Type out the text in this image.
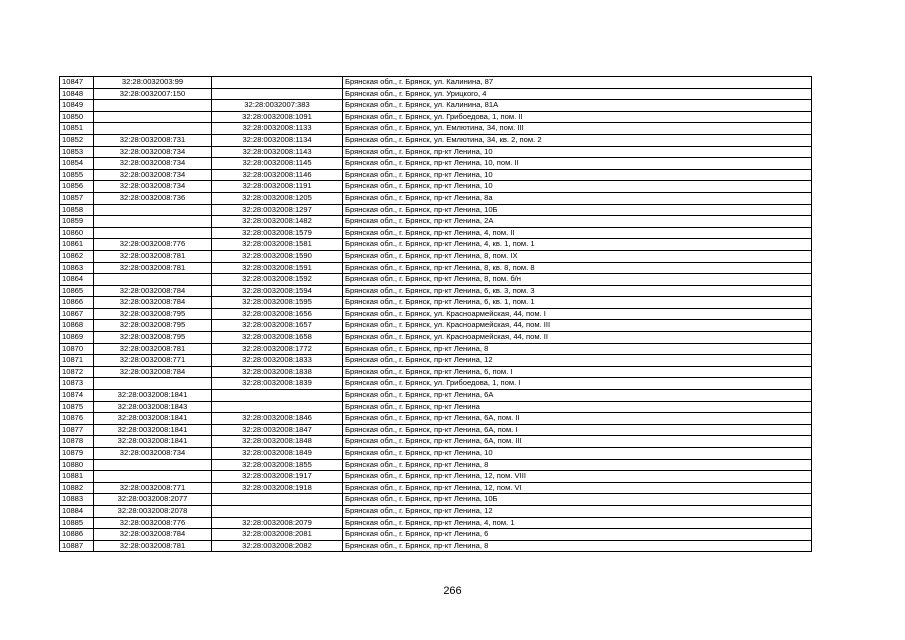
10847	32:28:0032003:99		Брянская обл., г. Брянск, ул. Калинина, 87
10848	32:28:0032007:150		Брянская обл., г. Брянск, ул. Урицкого, 4
10849		32:28:0032007:383	Брянская обл., г. Брянск, ул. Калинина, 81А
10850		32:28:0032008:1091	Брянская обл., г. Брянск, ул. Грибоедова, 1, пом. II
10851		32:28:0032008:1133	Брянская обл., г. Брянск, ул. Емлютина, 34, пом. III
10852	32:28:0032008:731	32:28:0032008:1134	Брянская обл., г. Брянск, ул. Емлютина, 34, кв. 2, пом. 2
10853	32:28:0032008:734	32:28:0032008:1143	Брянская обл., г. Брянск, пр-кт Ленина, 10
10854	32:28:0032008:734	32:28:0032008:1145	Брянская обл., г. Брянск, пр-кт Ленина, 10, пом. II
10855	32:28:0032008:734	32:28:0032008:1146	Брянская обл., г. Брянск, пр-кт Ленина, 10
10856	32:28:0032008:734	32:28:0032008:1191	Брянская обл., г. Брянск, пр-кт Ленина, 10
10857	32:28:0032008:736	32:28:0032008:1205	Брянская обл., г. Брянск, пр-кт Ленина, 8а
10858		32:28:0032008:1297	Брянская обл., г. Брянск, пр-кт Ленина, 10Б
10859		32:28:0032008:1482	Брянская обл., г. Брянск, пр-кт Ленина, 2А
10860		32:28:0032008:1579	Брянская обл., г. Брянск, пр-кт Ленина, 4, пом. II
10861	32:28:0032008:776	32:28:0032008:1581	Брянская обл., г. Брянск, пр-кт Ленина, 4, кв. 1, пом. 1
10862	32:28:0032008:781	32:28:0032008:1590	Брянская обл., г. Брянск, пр-кт Ленина, 8, пом. IX
10863	32:28:0032008:781	32:28:0032008:1591	Брянская обл., г. Брянск, пр-кт Ленина, 8, кв. 8, пом. 8
10864		32:28:0032008:1592	Брянская обл., г. Брянск, пр-кт Ленина, 8, пом. б/н
10865	32:28:0032008:784	32:28:0032008:1594	Брянская обл., г. Брянск, пр-кт Ленина, 6, кв. 3, пом. 3
10866	32:28:0032008:784	32:28:0032008:1595	Брянская обл., г. Брянск, пр-кт Ленина, 6, кв. 1, пом. 1
10867	32:28:0032008:795	32:28:0032008:1656	Брянская обл., г. Брянск, ул. Красноармейская, 44, пом. I
10868	32:28:0032008:795	32:28:0032008:1657	Брянская обл., г. Брянск, ул. Красноармейская, 44, пом. III
10869	32:28:0032008:795	32:28:0032008:1658	Брянская обл., г. Брянск, ул. Красноармейская, 44, пом. II
10870	32:28:0032008:781	32:28:0032008:1772	Брянская обл., г. Брянск, пр-кт Ленина, 8
10871	32:28:0032008:771	32:28:0032008:1833	Брянская обл., г. Брянск, пр-кт Ленина, 12
10872	32:28:0032008:784	32:28:0032008:1838	Брянская обл., г. Брянск, пр-кт Ленина, 6, пом. I
10873		32:28:0032008:1839	Брянская обл., г. Брянск, ул. Грибоедова, 1, пом. I
10874	32:28:0032008:1841		Брянская обл., г. Брянск, пр-кт Ленина, 6А
10875	32:28:0032008:1843		Брянская обл., г. Брянск, пр-кт Ленина
10876	32:28:0032008:1841	32:28:0032008:1846	Брянская обл., г. Брянск, пр-кт Ленина, 6А, пом. II
10877	32:28:0032008:1841	32:28:0032008:1847	Брянская обл., г. Брянск, пр-кт Ленина, 6А, пом. I
10878	32:28:0032008:1841	32:28:0032008:1848	Брянская обл., г. Брянск, пр-кт Ленина, 6А, пом. III
10879	32:28:0032008:734	32:28:0032008:1849	Брянская обл., г. Брянск, пр-кт Ленина, 10
10880		32:28:0032008:1855	Брянская обл., г. Брянск, пр-кт Ленина, 8
10881		32:28:0032008:1917	Брянская обл., г. Брянск, пр-кт Ленина, 12, пом. VIII
10882	32:28:0032008:771	32:28:0032008:1918	Брянская обл., г. Брянск, пр-кт Ленина, 12, пом. VI
10883	32:28:0032008:2077		Брянская обл., г. Брянск, пр-кт Ленина, 10Б
10884	32:28:0032008:2078		Брянская обл., г. Брянск, пр-кт Ленина, 12
10885	32:28:0032008:776	32:28:0032008:2079	Брянская обл., г. Брянск, пр-кт Ленина, 4, пом. 1
10886	32:28:0032008:784	32:28:0032008:2081	Брянская обл., г. Брянск, пр-кт Ленина, 6
10887	32:28:0032008:781	32:28:0032008:2082	Брянская обл., г. Брянск, пр-кт Ленина, 8
266
